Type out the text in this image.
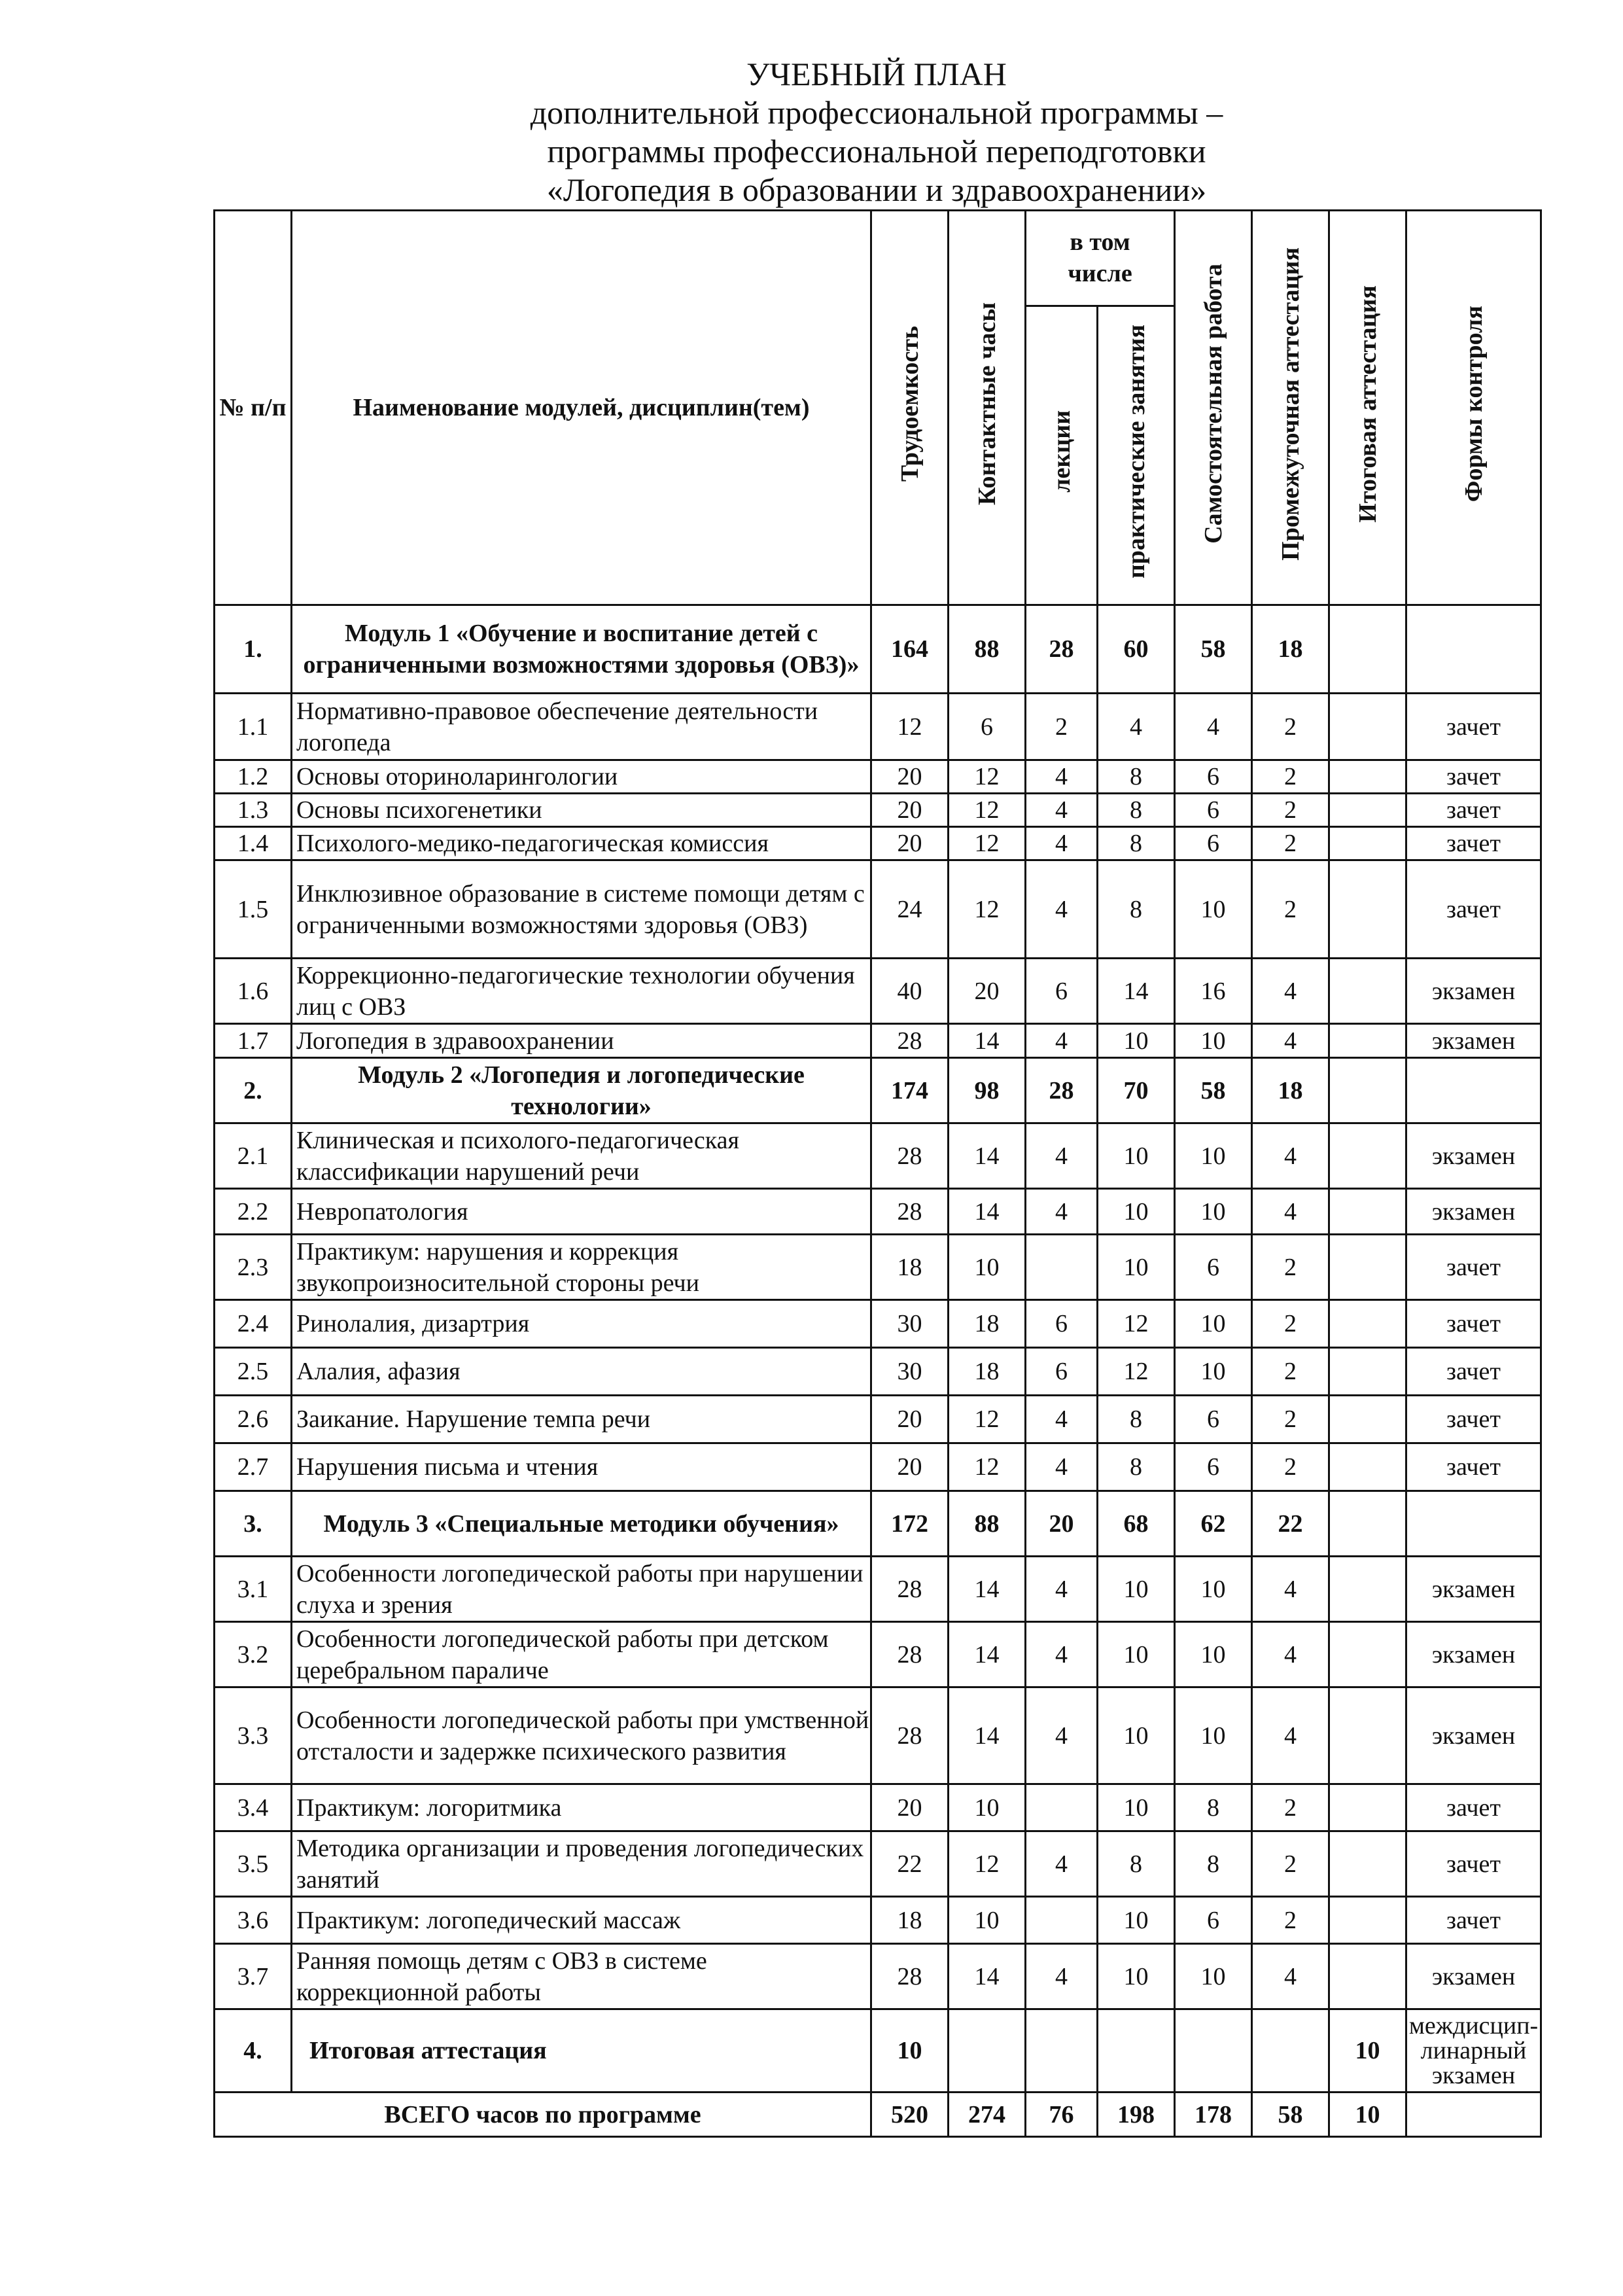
УЧЕБНЫЙ ПЛАН
дополнительной профессиональной программы –
программы профессиональной переподготовки
«Логопедия в образовании и здравоохранении»
№ п/п	Наименование модулей, дисциплин(тем)	Трудоемкость	Контактные часы	в том числе		Самостоятельная работа	Промежуточная аттестация	Итоговая аттестация	Формы контроля
				лекции	практические занятия				
1.	Модуль 1 «Обучение и воспитание детей с ограниченными возможностями здоровья (ОВЗ)»	164	88	28	60	58	18		
1.1	Нормативно-правовое обеспечение деятельности логопеда	12	6	2	4	4	2		зачет
1.2	Основы оториноларингологии	20	12	4	8	6	2		зачет
1.3	Основы психогенетики	20	12	4	8	6	2		зачет
1.4	Психолого-медико-педагогическая комиссия	20	12	4	8	6	2		зачет
1.5	Инклюзивное образование в системе помощи детям с ограниченными возможностями здоровья (ОВЗ)	24	12	4	8	10	2		зачет
1.6	Коррекционно-педагогические технологии обучения лиц с ОВЗ	40	20	6	14	16	4		экзамен
1.7	Логопедия в здравоохранении	28	14	4	10	10	4		экзамен
2.	Модуль 2 «Логопедия и логопедические технологии»	174	98	28	70	58	18		
2.1	Клиническая и психолого-педагогическая классификации нарушений речи	28	14	4	10	10	4		экзамен
2.2	Невропатология	28	14	4	10	10	4		экзамен
2.3	Практикум: нарушения и коррекция звукопроизносительной стороны речи	18	10		10	6	2		зачет
2.4	Ринолалия, дизартрия	30	18	6	12	10	2		зачет
2.5	Алалия, афазия	30	18	6	12	10	2		зачет
2.6	Заикание. Нарушение темпа речи	20	12	4	8	6	2		зачет
2.7	Нарушения письма и чтения	20	12	4	8	6	2		зачет
3.	Модуль 3 «Специальные методики обучения»	172	88	20	68	62	22		
3.1	Особенности логопедической работы при нарушении слуха и зрения	28	14	4	10	10	4		экзамен
3.2	Особенности логопедической работы при детском церебральном параличе	28	14	4	10	10	4		экзамен
3.3	Особенности логопедической работы при умственной отсталости и задержке психического развития	28	14	4	10	10	4		экзамен
3.4	Практикум: логоритмика	20	10		10	8	2		зачет
3.5	Методика организации и проведения логопедических занятий	22	12	4	8	8	2		зачет
3.6	Практикум: логопедический массаж	18	10		10	6	2		зачет
3.7	Ранняя помощь детям с ОВЗ в системе коррекционной работы	28	14	4	10	10	4		экзамен
4.	Итоговая аттестация	10						10	междисцип-линарный экзамен
ВСЕГО часов по программе		520	274	76	198	178	58	10	
